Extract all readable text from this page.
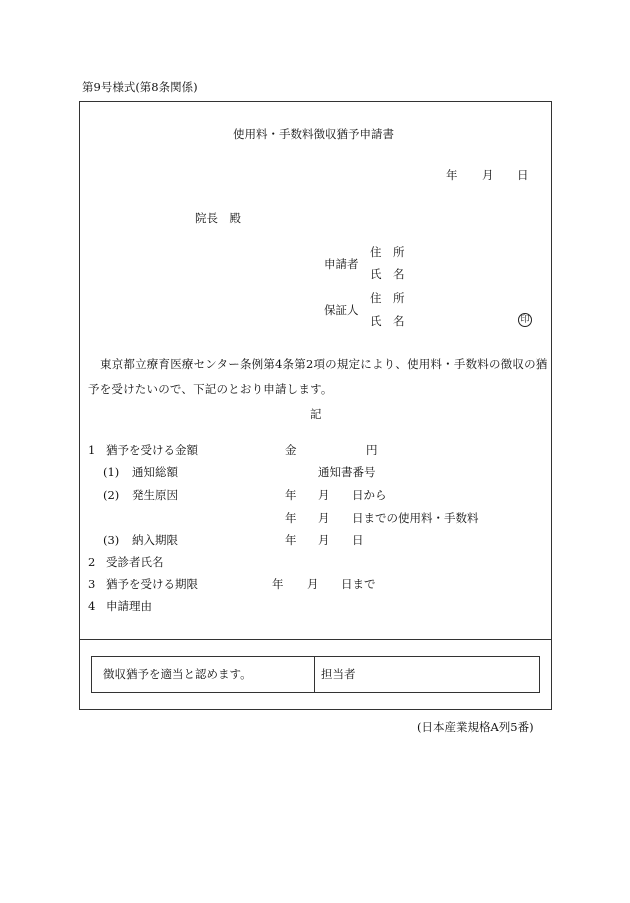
第9号様式(第8条関係)
使用料・手数料徴収猶予申請書
年 月 日
院長　殿
申請者
住　所
氏　名
保証人
住　所
氏　名	印
東京都立療育医療センター条例第4条第2項の規定により、使用料・手数料の徴収の猶予を受けたいので、下記のとおり申請します。
記
1 猶予を受ける金額	金	円
(1) 通知総額	通知書番号
(2) 発生原因	年 月 日から
年 月 日までの使用料・手数料
(3) 納入期限	年 月 日
2 受診者氏名
3 猶予を受ける期限	年 月 日まで
4 申請理由
徴収猶予を適当と認めます。	担当者
(日本産業規格A列5番)
